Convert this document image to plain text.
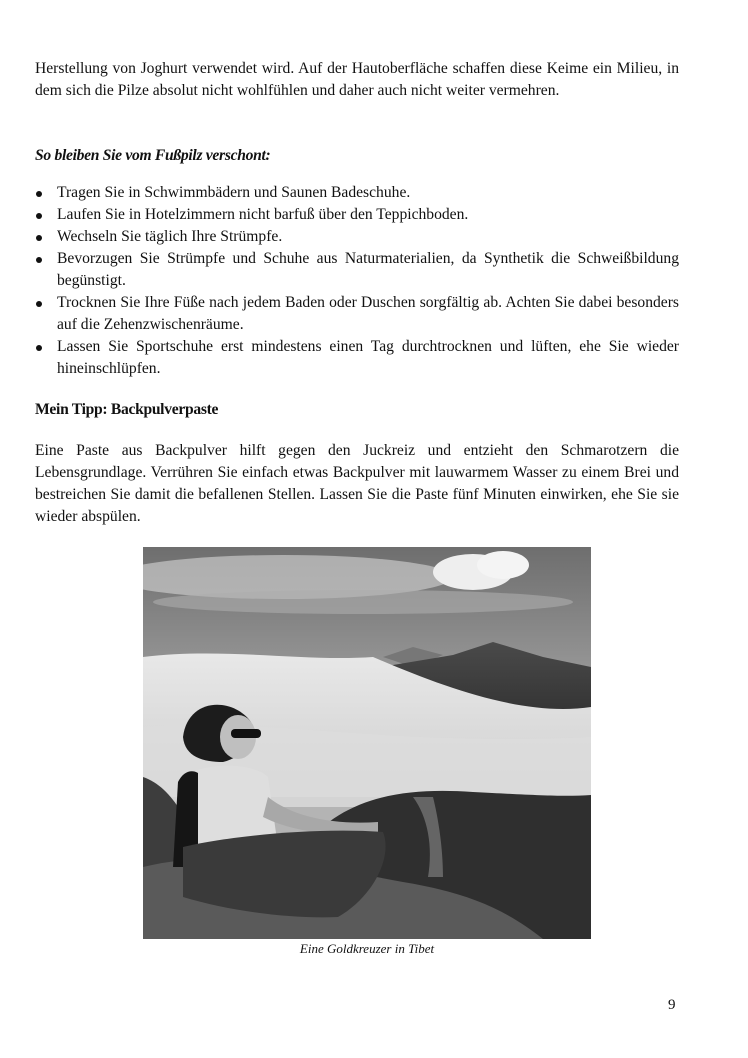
Herstellung von Joghurt verwendet wird. Auf der Hautoberfläche schaffen diese Keime ein Milieu, in dem sich die Pilze absolut nicht wohlfühlen und daher auch nicht weiter vermehren.

So bleiben Sie vom Fußpilz verschont:
Tragen Sie in Schwimmbädern und Saunen Badeschuhe.
Laufen Sie in Hotelzimmern nicht barfuß über den Teppichboden.
Wechseln Sie täglich Ihre Strümpfe.
Bevorzugen Sie Strümpfe und Schuhe aus Naturmaterialien, da Synthetik die Schweißbildung begünstigt.
Trocknen Sie Ihre Füße nach jedem Baden oder Duschen sorgfältig ab. Achten Sie dabei besonders auf die Zehenzwischenräume.
Lassen Sie Sportschuhe erst mindestens einen Tag durchtrocknen und lüften, ehe Sie wieder hineinschlüpfen.
Mein Tipp: Backpulverpaste

Eine Paste aus Backpulver hilft gegen den Juckreiz und entzieht den Schmarotzern die Lebensgrundlage. Verrühren Sie einfach etwas Backpulver mit lauwarmem Wasser zu einem Brei und bestreichen Sie damit die befallenen Stellen. Lassen Sie die Paste fünf Minuten einwirken, ehe Sie sie wieder abspülen.

Eine Goldkreuzer in Tibet
9
